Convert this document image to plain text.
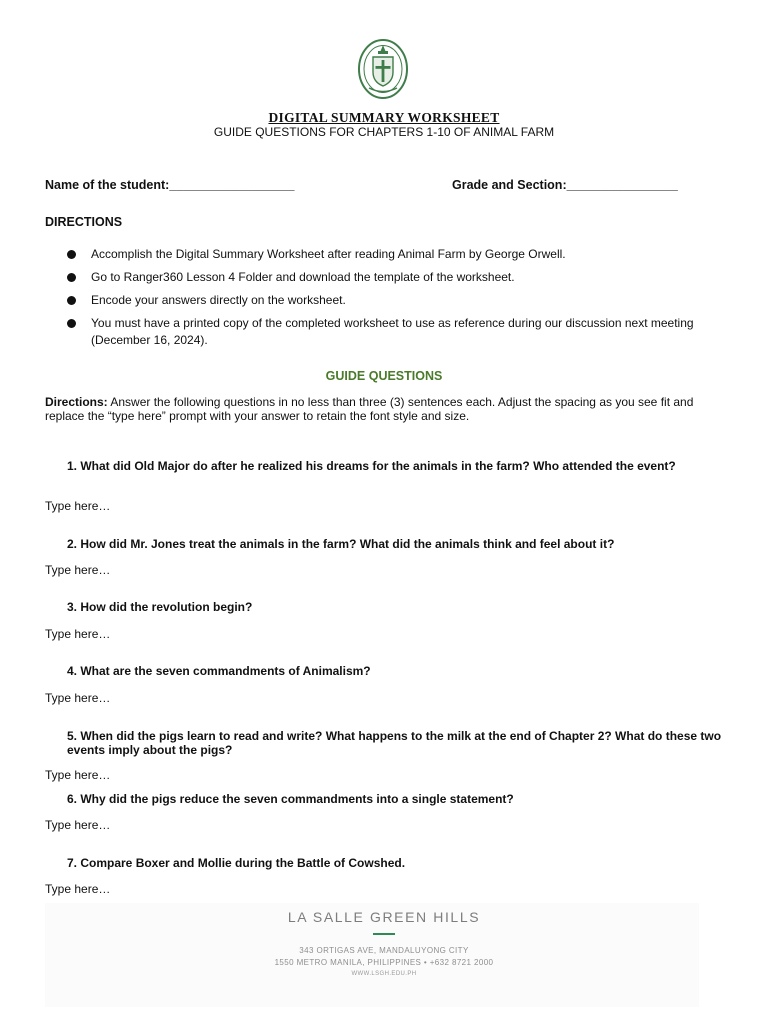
DIGITAL SUMMARY WORKSHEET
GUIDE QUESTIONS FOR CHAPTERS 1-10 OF ANIMAL FARM
Name of the student:__________________	Grade and Section:________________
DIRECTIONS
Accomplish the Digital Summary Worksheet after reading Animal Farm by George Orwell.
Go to Ranger360 Lesson 4 Folder and download the template of the worksheet.
Encode your answers directly on the worksheet.
You must have a printed copy of the completed worksheet to use as reference during our discussion next meeting (December 16, 2024).
GUIDE QUESTIONS
Directions: Answer the following questions in no less than three (3) sentences each. Adjust the spacing as you see fit and replace the “type here” prompt with your answer to retain the font style and size.
1. What did Old Major do after he realized his dreams for the animals in the farm? Who attended the event?
Type here…
2. How did Mr. Jones treat the animals in the farm? What did the animals think and feel about it?
Type here…
3. How did the revolution begin?
Type here…
4. What are the seven commandments of Animalism?
Type here…
5. When did the pigs learn to read and write? What happens to the milk at the end of Chapter 2? What do these two events imply about the pigs?
Type here…
6. Why did the pigs reduce the seven commandments into a single statement?
Type here…
7. Compare Boxer and Mollie during the Battle of Cowshed.
Type here…
LA SALLE GREEN HILLS
343 ORTIGAS AVE, MANDALUYONG CITY
1550 METRO MANILA, PHILIPPINES • +632 8721 2000
WWW.LSGH.EDU.PH
